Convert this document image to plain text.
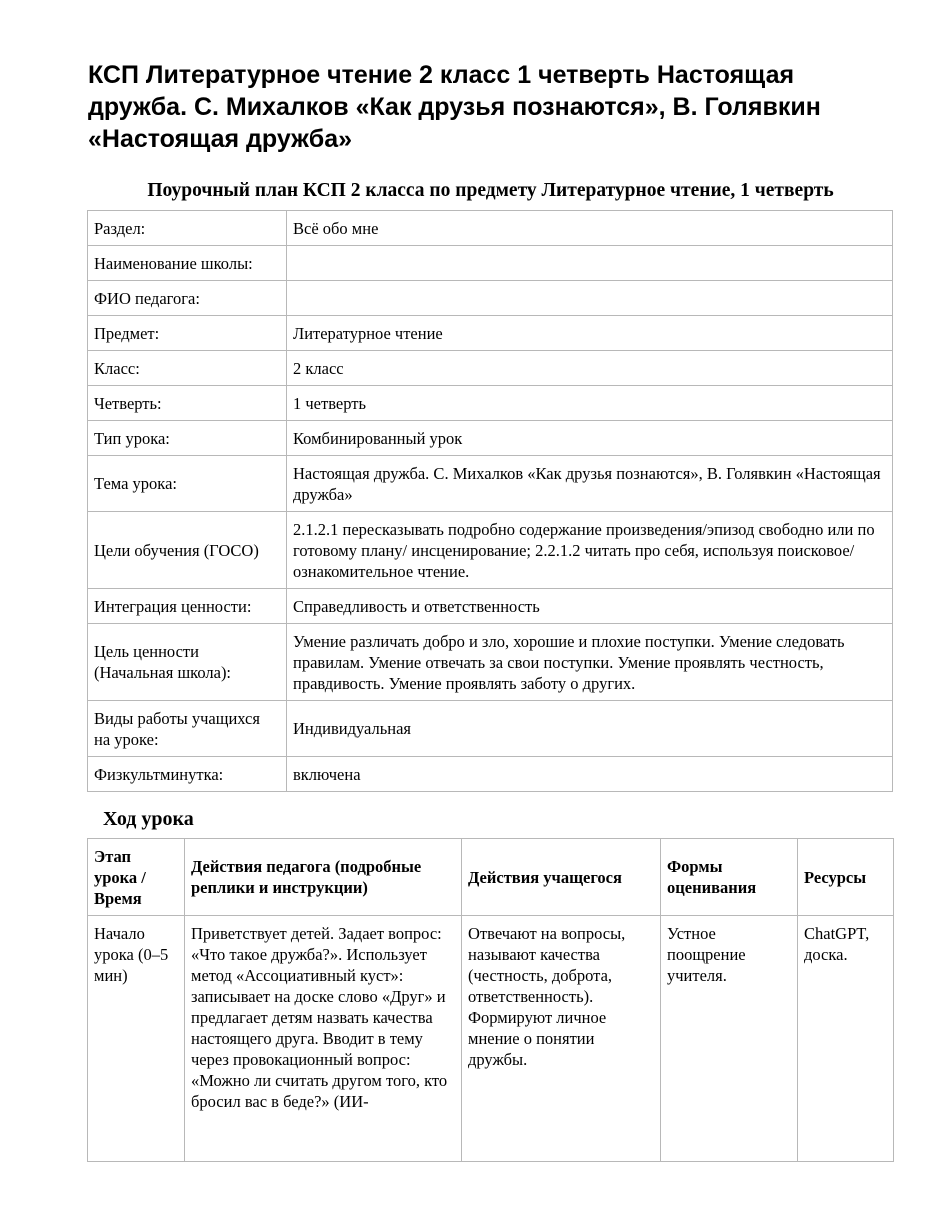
КСП Литературное чтение 2 класс 1 четверть Настоящая дружба. С. Михалков «Как друзья познаются», В. Голявкин «Настоящая дружба»
Поурочный план КСП 2 класса по предмету Литературное чтение, 1 четверть
Раздел:	Всё обо мне
Наименование школы:	
ФИО педагога:	
Предмет:	Литературное чтение
Класс:	2 класс
Четверть:	1 четверть
Тип урока:	Комбинированный урок
Тема урока:	Настоящая дружба. С. Михалков «Как друзья познаются», В. Голявкин «Настоящая дружба»
Цели обучения (ГОСО)	2.1.2.1 пересказывать подробно содержание произведения/эпизод свободно или по готовому плану/ инсценирование; 2.2.1.2 читать про себя, используя поисковое/ ознакомительное чтение.
Интеграция ценности:	Справедливость и ответственность
Цель ценности (Начальная школа):	Умение различать добро и зло, хорошие и плохие поступки. Умение следовать правилам. Умение отвечать за свои поступки. Умение проявлять честность, правдивость. Умение проявлять заботу о других.
Виды работы учащихся на уроке:	Индивидуальная
Физкультминутка:	включена
Ход урока
Этап урока / Время	Действия педагога (подробные реплики и инструкции)	Действия учащегося	Формы оценивания	Ресурсы
Начало урока (0–5 мин)	Приветствует детей. Задает вопрос: «Что такое дружба?». Использует метод «Ассоциативный куст»: записывает на доске слово «Друг» и предлагает детям назвать качества настоящего друга. Вводит в тему через провокационный вопрос: «Можно ли считать другом того, кто бросил вас в беде?» (ИИ-	Отвечают на вопросы, называют качества (честность, доброта, ответственность). Формируют личное мнение о понятии дружбы.	Устное поощрение учителя.	ChatGPT, доска.
